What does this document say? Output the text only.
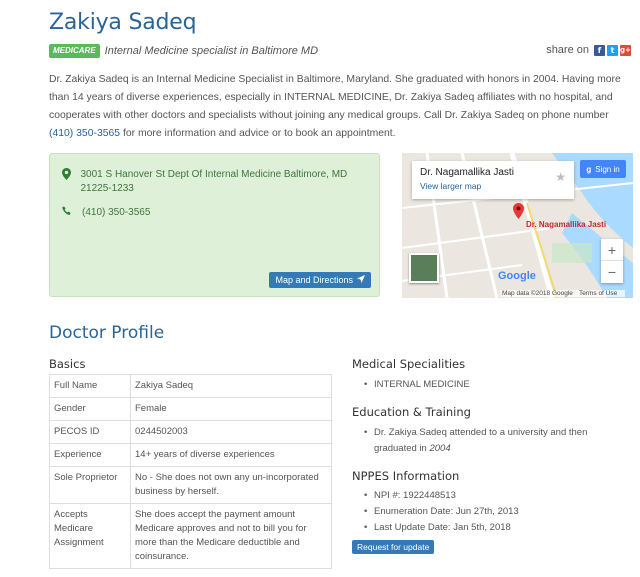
Zakiya Sadeq
MEDICARE Internal Medicine specialist in Baltimore MD	share on	f	t g+

Dr. Zakiya Sadeq is an Internal Medicine Specialist in Baltimore, Maryland. She graduated with honors in 2004. Having more than 14 years of diverse experiences, especially in INTERNAL MEDICINE, Dr. Zakiya Sadeq affiliates with no hospital, and cooperates with other doctors and specialists without joining any medical groups. Call Dr. Zakiya Sadeq on phone number (410) 350-3565 for more information and advice or to book an appointment.

3001 S Hanover St Dept Of Internal Medicine Baltimore, MD 21225-1233
(410) 350-3565
Map and Directions
Dr. Nagamallika Jasti
View larger map
★
g Sign in
Dr. Nagamallika Jasti
+
−
Google
Map data ©2018 Google Terms of Use
Doctor Profile
Basics
Full Name	Zakiya Sadeq
Gender	Female
PECOS ID	0244502003
Experience	14+ years of diverse experiences
Sole Proprietor	No - She does not own any un-incorporated business by herself.
Accepts Medicare Assignment	She does accept the payment amount Medicare approves and not to bill you for more than the Medicare deductible and coinsurance.
Medical Specialities
• INTERNAL MEDICINE
Education & Training
• Dr. Zakiya Sadeq attended to a university and then graduated in 2004
NPPES Information
• NPI #: 1922448513
• Enumeration Date: Jun 27th, 2013
• Last Update Date: Jan 5th, 2018
Request for update
